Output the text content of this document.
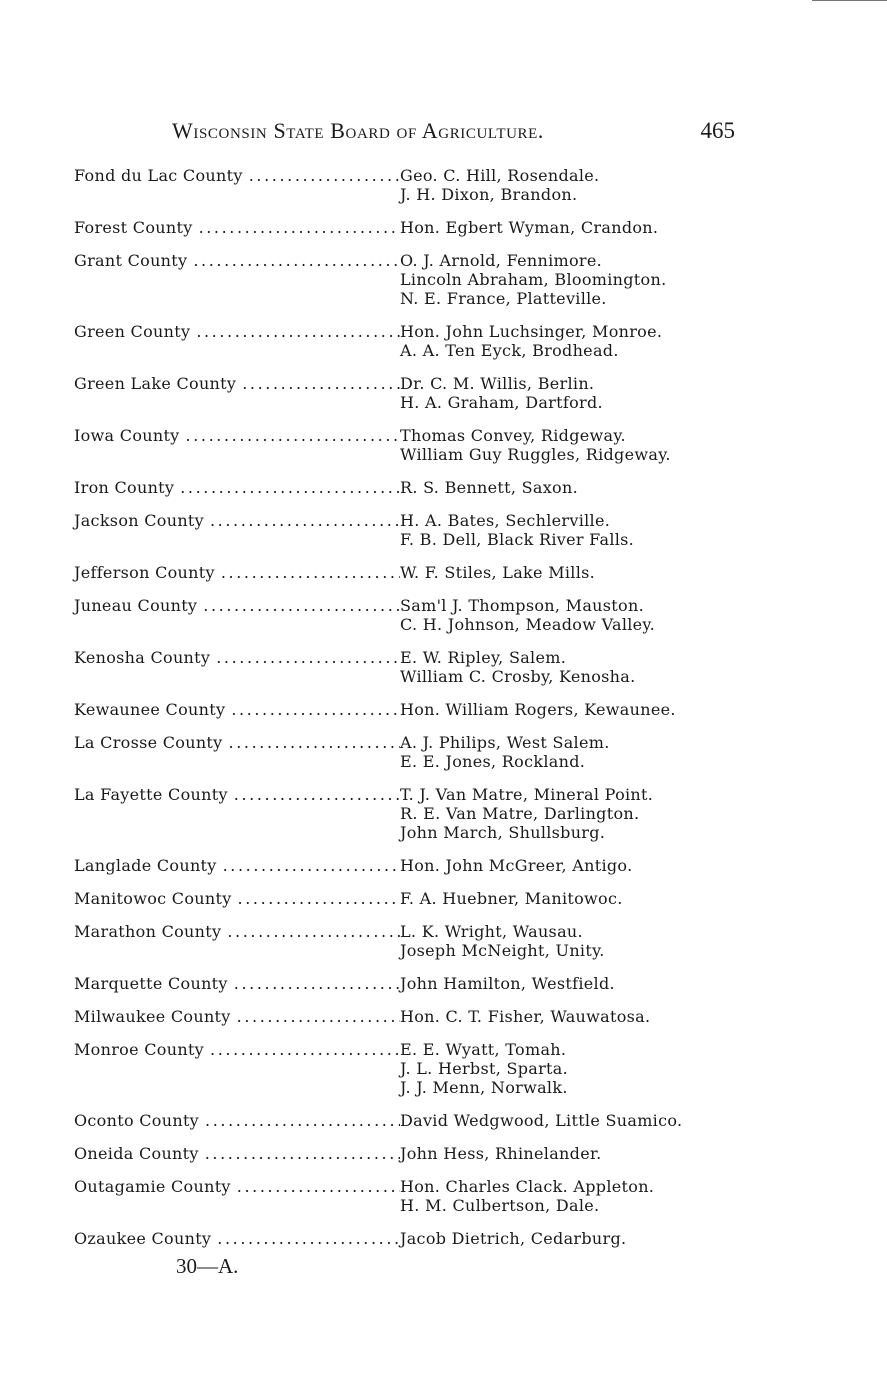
Wisconsin State Board of Agriculture.	465
Fond du Lac County .....	Geo. C. Hill, Rosendale.
J. H. Dixon, Brandon.
Forest County .....	Hon. Egbert Wyman, Crandon.
Grant County .....	O. J. Arnold, Fennimore.
Lincoln Abraham, Bloomington.
N. E. France, Platteville.
Green County .....	Hon. John Luchsinger, Monroe.
A. A. Ten Eyck, Brodhead.
Green Lake County .....	Dr. C. M. Willis, Berlin.
H. A. Graham, Dartford.
Iowa County .....	Thomas Convey, Ridgeway.
William Guy Ruggles, Ridgeway.
Iron County .....	R. S. Bennett, Saxon.
Jackson County .....	H. A. Bates, Sechlerville.
F. B. Dell, Black River Falls.
Jefferson County .....	W. F. Stiles, Lake Mills.
Juneau County .....	Sam'l J. Thompson, Mauston.
C. H. Johnson, Meadow Valley.
Kenosha County .....	E. W. Ripley, Salem.
William C. Crosby, Kenosha.
Kewaunee County .....	Hon. William Rogers, Kewaunee.
La Crosse County .....	A. J. Philips, West Salem.
E. E. Jones, Rockland.
La Fayette County .....	T. J. Van Matre, Mineral Point.
R. E. Van Matre, Darlington.
John March, Shullsburg.
Langlade County .....	Hon. John McGreer, Antigo.
Manitowoc County .....	F. A. Huebner, Manitowoc.
Marathon County .....	L. K. Wright, Wausau.
Joseph McNeight, Unity.
Marquette County .....	John Hamilton, Westfield.
Milwaukee County .....	Hon. C. T. Fisher, Wauwatosa.
Monroe County .....	E. E. Wyatt, Tomah.
J. L. Herbst, Sparta.
J. J. Menn, Norwalk.
Oconto County .....	David Wedgwood, Little Suamico.
Oneida County .....	John Hess, Rhinelander.
Outagamie County .....	Hon. Charles Clack. Appleton.
H. M. Culbertson, Dale.
Ozaukee County .....	Jacob Dietrich, Cedarburg.
30—A.
